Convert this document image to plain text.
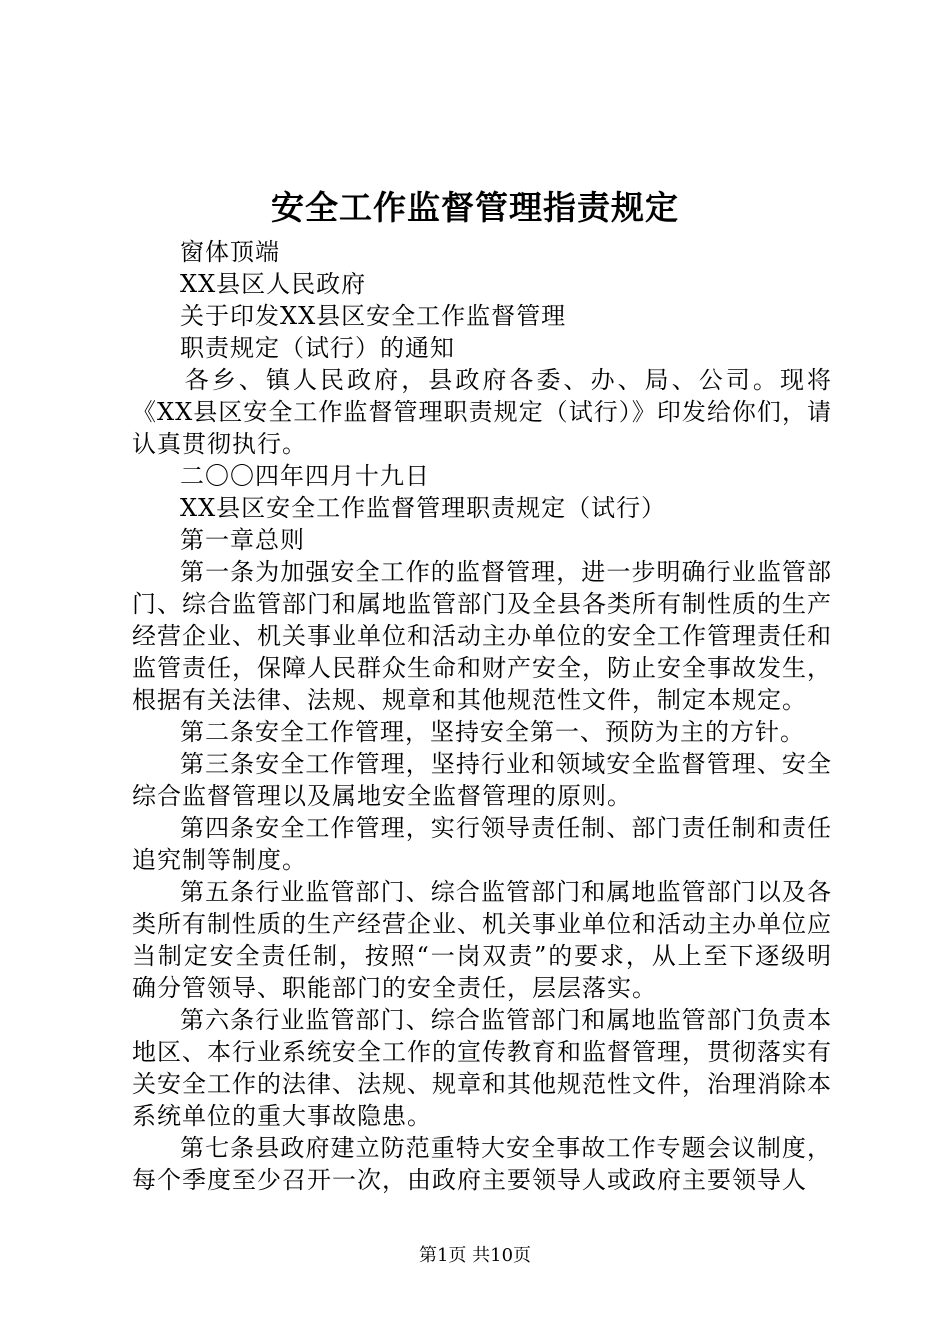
安全工作监督管理指责规定

窗体顶端

XX县区人民政府

关于印发XX县区安全工作监督管理

职责规定（试行）的通知

各乡、镇人民政府，县政府各委、办、局、公司。现将《XX县区安全工作监督管理职责规定（试行）》印发给你们，请认真贯彻执行。

二〇〇四年四月十九日

XX县区安全工作监督管理职责规定（试行）

第一章总则

第一条为加强安全工作的监督管理，进一步明确行业监管部门、综合监管部门和属地监管部门及全县各类所有制性质的生产经营企业、机关事业单位和活动主办单位的安全工作管理责任和监管责任，保障人民群众生命和财产安全，防止安全事故发生，根据有关法律、法规、规章和其他规范性文件，制定本规定。

第二条安全工作管理，坚持安全第一、预防为主的方针。

第三条安全工作管理，坚持行业和领域安全监督管理、安全综合监督管理以及属地安全监督管理的原则。

第四条安全工作管理，实行领导责任制、部门责任制和责任追究制等制度。

第五条行业监管部门、综合监管部门和属地监管部门以及各类所有制性质的生产经营企业、机关事业单位和活动主办单位应当制定安全责任制，按照“一岗双责”的要求，从上至下逐级明确分管领导、职能部门的安全责任，层层落实。

第六条行业监管部门、综合监管部门和属地监管部门负责本地区、本行业系统安全工作的宣传教育和监督管理，贯彻落实有关安全工作的法律、法规、规章和其他规范性文件，治理消除本系统单位的重大事故隐患。

第七条县政府建立防范重特大安全事故工作专题会议制度，每个季度至少召开一次，由政府主要领导人或政府主要领导人

第1页 共10页
